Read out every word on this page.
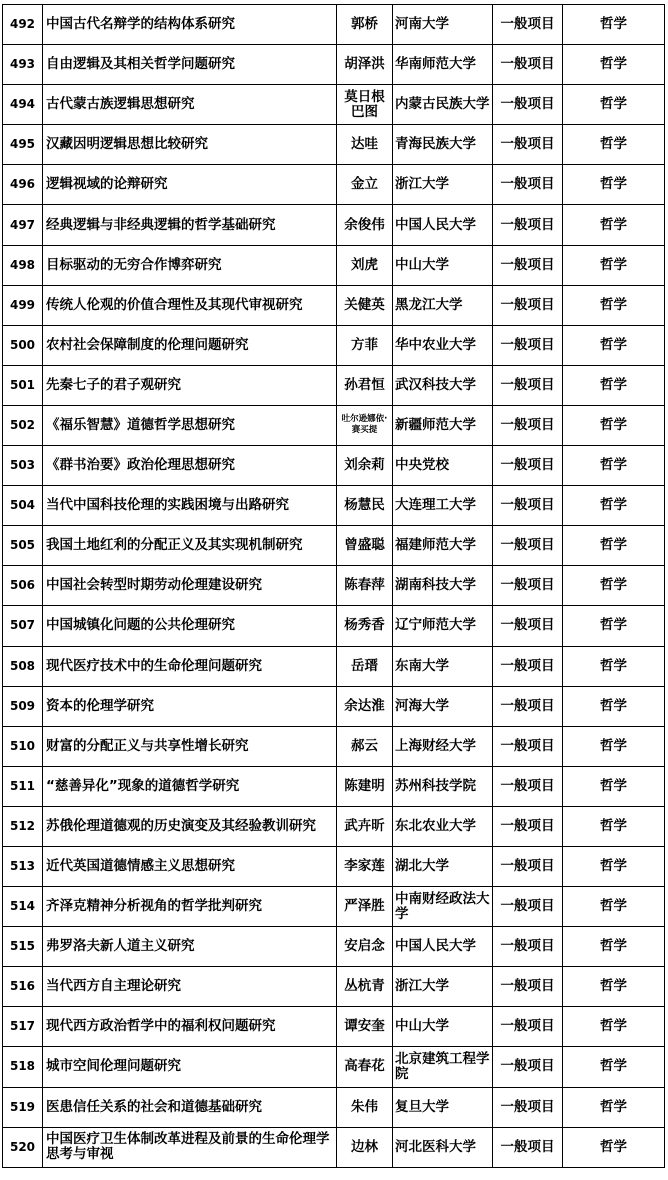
492	中国古代名辩学的结构体系研究	郭桥	河南大学	一般项目	哲学
493	自由逻辑及其相关哲学问题研究	胡泽洪	华南师范大学	一般项目	哲学
494	古代蒙古族逻辑思想研究	莫日根巴图	内蒙古民族大学	一般项目	哲学
495	汉藏因明逻辑思想比较研究	达哇	青海民族大学	一般项目	哲学
496	逻辑视域的论辩研究	金立	浙江大学	一般项目	哲学
497	经典逻辑与非经典逻辑的哲学基础研究	余俊伟	中国人民大学	一般项目	哲学
498	目标驱动的无穷合作博弈研究	刘虎	中山大学	一般项目	哲学
499	传统人伦观的价值合理性及其现代审视研究	关健英	黑龙江大学	一般项目	哲学
500	农村社会保障制度的伦理问题研究	方菲	华中农业大学	一般项目	哲学
501	先秦七子的君子观研究	孙君恒	武汉科技大学	一般项目	哲学
502	《福乐智慧》道德哲学思想研究	吐尔逊娜依·赛买提	新疆师范大学	一般项目	哲学
503	《群书治要》政治伦理思想研究	刘余莉	中央党校	一般项目	哲学
504	当代中国科技伦理的实践困境与出路研究	杨慧民	大连理工大学	一般项目	哲学
505	我国土地红利的分配正义及其实现机制研究	曾盛聪	福建师范大学	一般项目	哲学
506	中国社会转型时期劳动伦理建设研究	陈春萍	湖南科技大学	一般项目	哲学
507	中国城镇化问题的公共伦理研究	杨秀香	辽宁师范大学	一般项目	哲学
508	现代医疗技术中的生命伦理问题研究	岳瑨	东南大学	一般项目	哲学
509	资本的伦理学研究	余达淮	河海大学	一般项目	哲学
510	财富的分配正义与共享性增长研究	郝云	上海财经大学	一般项目	哲学
511	“慈善异化”现象的道德哲学研究	陈建明	苏州科技学院	一般项目	哲学
512	苏俄伦理道德观的历史演变及其经验教训研究	武卉昕	东北农业大学	一般项目	哲学
513	近代英国道德情感主义思想研究	李家莲	湖北大学	一般项目	哲学
514	齐泽克精神分析视角的哲学批判研究	严泽胜	中南财经政法大学	一般项目	哲学
515	弗罗洛夫新人道主义研究	安启念	中国人民大学	一般项目	哲学
516	当代西方自主理论研究	丛杭青	浙江大学	一般项目	哲学
517	现代西方政治哲学中的福利权问题研究	谭安奎	中山大学	一般项目	哲学
518	城市空间伦理问题研究	高春花	北京建筑工程学院	一般项目	哲学
519	医患信任关系的社会和道德基础研究	朱伟	复旦大学	一般项目	哲学
520	中国医疗卫生体制改革进程及前景的生命伦理学思考与审视	边林	河北医科大学	一般项目	哲学
